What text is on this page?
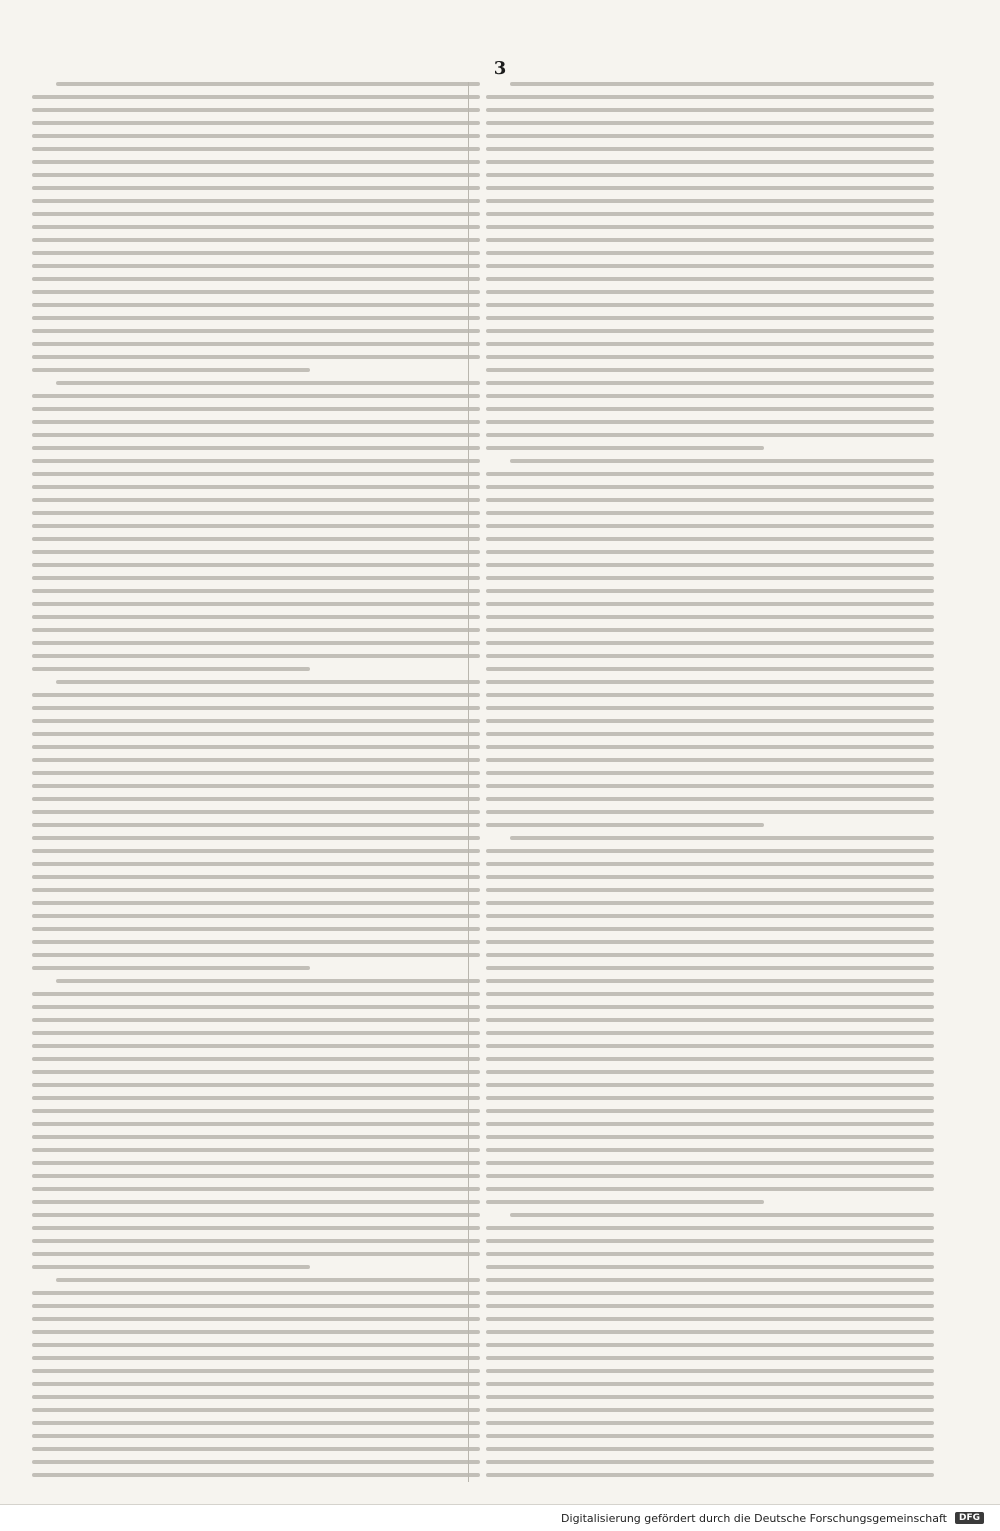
3
Digitalisierung gefördert durch die Deutsche Forschungsgemeinschaft	DFG
